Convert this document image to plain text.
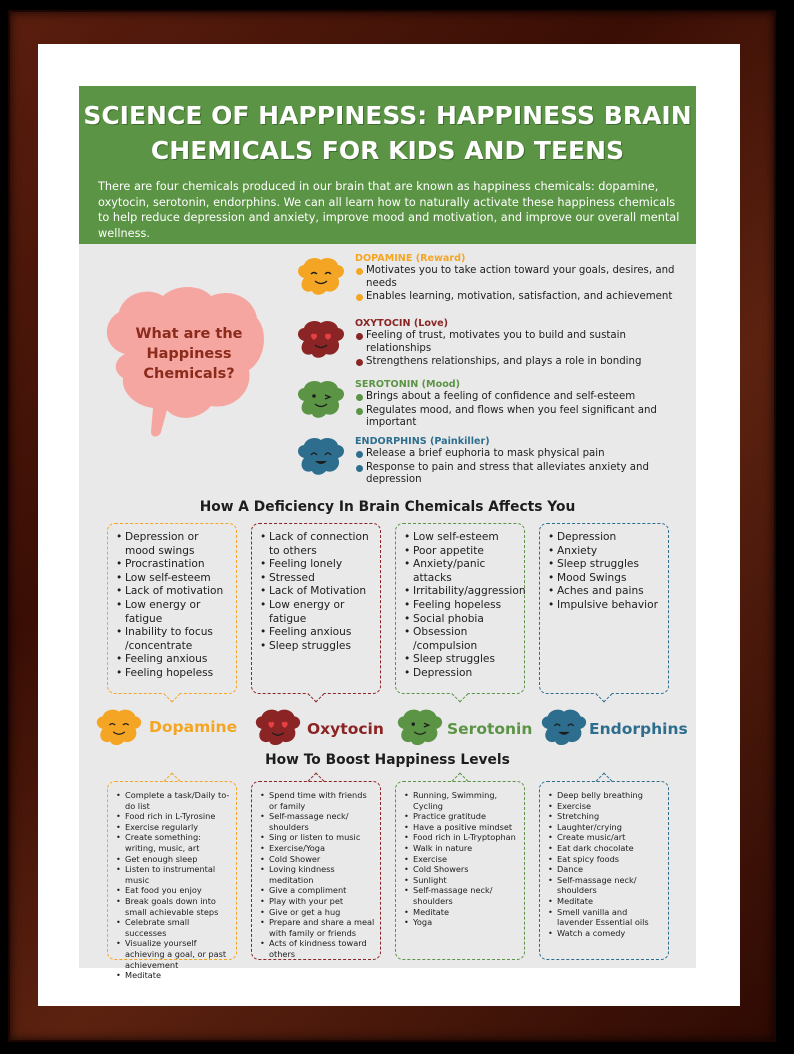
SCIENCE OF HAPPINESS: HAPPINESS BRAIN CHEMICALS FOR KIDS AND TEENS
There are four chemicals produced in our brain that are known as happiness chemicals: dopamine, oxytocin, serotonin, endorphins. We can all learn how to naturally activate these happiness chemicals to help reduce depression and anxiety, improve mood and motivation, and improve our overall mental wellness.
What are the Happiness Chemicals?
DOPAMINE (Reward)
Motivates you to take action toward your goals, desires, and needs
Enables learning, motivation, satisfaction, and achievement
OXYTOCIN (Love)
Feeling of trust, motivates you to build and sustain relationships
Strengthens relationships, and plays a role in bonding
SEROTONIN (Mood)
Brings about a feeling of confidence and self-esteem
Regulates mood, and flows when you feel significant and important
ENDORPHINS (Painkiller)
Release a brief euphoria to mask physical pain
Response to pain and stress that alleviates anxiety and depression
How A Deficiency In Brain Chemicals Affects You
• Depression or mood swings
• Procrastination
• Low self-esteem
• Lack of motivation
• Low energy or fatigue
• Inability to focus /concentrate
• Feeling anxious
• Feeling hopeless
• Lack of connection to others
• Feeling lonely
• Stressed
• Lack of Motivation
• Low energy or fatigue
• Feeling anxious
• Sleep struggles
• Low self-esteem
• Poor appetite
• Anxiety/panic attacks
• Irritability/aggression
• Feeling hopeless
• Social phobia
• Obsession /compulsion
• Sleep struggles
• Depression
• Depression
• Anxiety
• Sleep struggles
• Mood Swings
• Aches and pains
• Impulsive behavior
Dopamine	Oxytocin	Serotonin	Endorphins
How To Boost Happiness Levels
• Complete a task/Daily to-do list
• Food rich in L-Tyrosine
• Exercise regularly
• Create something: writing, music, art
• Get enough sleep
• Listen to instrumental music
• Eat food you enjoy
• Break goals down into small achievable steps
• Celebrate small successes
• Visualize yourself achieving a goal, or past achievement
• Meditate
• Spend time with friends or family
• Self-massage neck/ shoulders
• Sing or listen to music
• Exercise/Yoga
• Cold Shower
• Loving kindness meditation
• Give a compliment
• Play with your pet
• Give or get a hug
• Prepare and share a meal with family or friends
• Acts of kindness toward others
• Running, Swimming, Cycling
• Practice gratitude
• Have a positive mindset
• Food rich in L-Tryptophan
• Walk in nature
• Exercise
• Cold Showers
• Sunlight
• Self-massage neck/ shoulders
• Meditate
• Yoga
• Deep belly breathing
• Exercise
• Stretching
• Laughter/crying
• Create music/art
• Eat dark chocolate
• Eat spicy foods
• Dance
• Self-massage neck/ shoulders
• Meditate
• Smell vanilla and lavender Essential oils
• Watch a comedy
